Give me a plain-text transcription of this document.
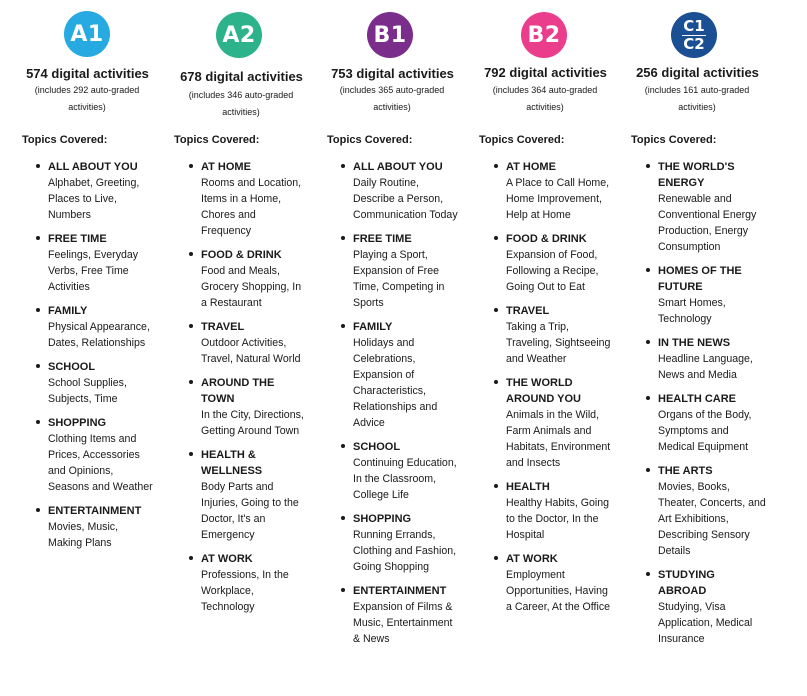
A1
574 digital activities
(includes 292 auto-graded activities)
Topics Covered:
ALL ABOUT YOU
Alphabet, Greeting, Places to Live, Numbers
FREE TIME
Feelings, Everyday Verbs, Free Time Activities
FAMILY
Physical Appearance, Dates, Relationships
SCHOOL
School Supplies, Subjects, Time
SHOPPING
Clothing Items and Prices, Accessories and Opinions, Seasons and Weather
ENTERTAINMENT
Movies, Music, Making Plans
A2
678 digital activities
(includes 346 auto-graded activities)
Topics Covered:
AT HOME
Rooms and Location, Items in a Home, Chores and Frequency
FOOD & DRINK
Food and Meals, Grocery Shopping, In a Restaurant
TRAVEL
Outdoor Activities, Travel, Natural World
AROUND THE TOWN
In the City, Directions, Getting Around Town
HEALTH & WELLNESS
Body Parts and Injuries, Going to the Doctor, It's an Emergency
AT WORK
Professions, In the Workplace, Technology
B1
753 digital activities
(includes 365 auto-graded activities)
Topics Covered:
ALL ABOUT YOU
Daily Routine, Describe a Person, Communication Today
FREE TIME
Playing a Sport, Expansion of Free Time, Competing in Sports
FAMILY
Holidays and Celebrations, Expansion of Characteristics, Relationships and Advice
SCHOOL
Continuing Education, In the Classroom, College Life
SHOPPING
Running Errands, Clothing and Fashion, Going Shopping
ENTERTAINMENT
Expansion of Films & Music, Entertainment & News
B2
792 digital activities
(includes 364 auto-graded activities)
Topics Covered:
AT HOME
A Place to Call Home, Home Improvement, Help at Home
FOOD & DRINK
Expansion of Food, Following a Recipe, Going Out to Eat
TRAVEL
Taking a Trip, Traveling, Sightseeing and Weather
THE WORLD AROUND YOU
Animals in the Wild, Farm Animals and Habitats, Environment and Insects
HEALTH
Healthy Habits, Going to the Doctor, In the Hospital
AT WORK
Employment Opportunities, Having a Career, At the Office
C1
C2
256 digital activities
(includes 161 auto-graded activities)
Topics Covered:
THE WORLD'S ENERGY
Renewable and Conventional Energy Production, Energy Consumption
HOMES OF THE FUTURE
Smart Homes, Technology
IN THE NEWS
Headline Language, News and Media
HEALTH CARE
Organs of the Body, Symptoms and Medical Equipment
THE ARTS
Movies, Books, Theater, Concerts, and Art Exhibitions, Describing Sensory Details
STUDYING ABROAD
Studying, Visa Application, Medical Insurance
